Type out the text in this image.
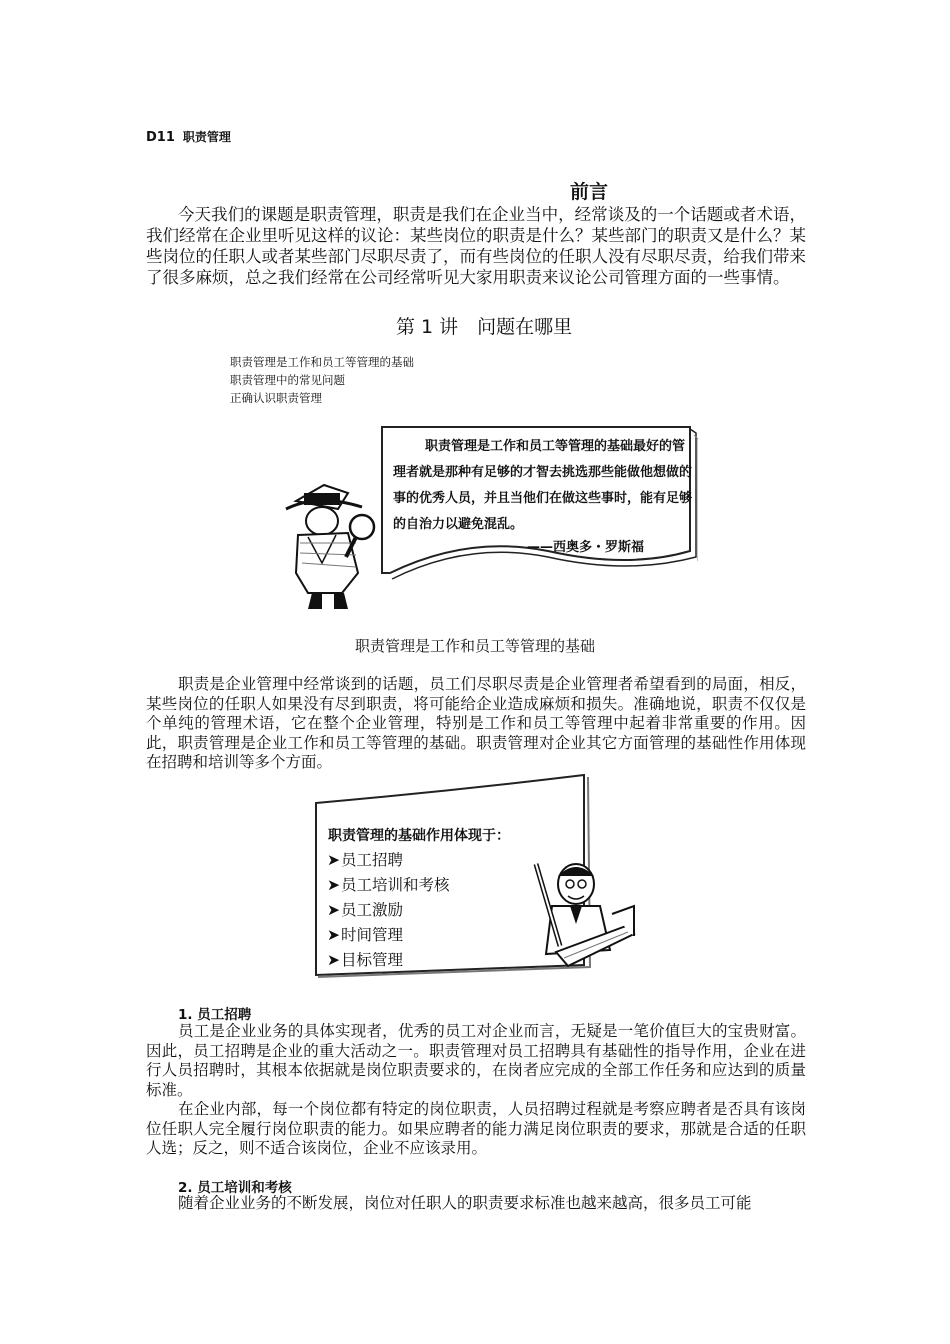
D11 职责管理
前言

今天我们的课题是职责管理，职责是我们在企业当中，经常谈及的一个话题或者术语，我们经常在企业里听见这样的议论：某些岗位的职责是什么？某些部门的职责又是什么？某些岗位的任职人或者某些部门尽职尽责了，而有些岗位的任职人没有尽职尽责，给我们带来了很多麻烦，总之我们经常在公司经常听见大家用职责来议论公司管理方面的一些事情。

第 1 讲　问题在哪里
职责管理是工作和员工等管理的基础
职责管理中的常见问题
正确认识职责管理

职责管理是工作和员工等管理的基础最好的管理者就是那种有足够的才智去挑选那些能做他想做的事的优秀人员，并且当他们在做这些事时，能有足够的自治力以避免混乱。

——西奥多・罗斯福
职责管理是工作和员工等管理的基础

职责是企业管理中经常谈到的话题，员工们尽职尽责是企业管理者希望看到的局面，相反，某些岗位的任职人如果没有尽到职责，将可能给企业造成麻烦和损失。准确地说，职责不仅仅是个单纯的管理术语，它在整个企业管理，特别是工作和员工等管理中起着非常重要的作用。因此，职责管理是企业工作和员工等管理的基础。职责管理对企业其它方面管理的基础性作用体现在招聘和培训等多个方面。

职责管理的基础作用体现于：
➤员工招聘
➤员工培训和考核
➤员工激励
➤时间管理
➤目标管理
1. 员工招聘

员工是企业业务的具体实现者，优秀的员工对企业而言，无疑是一笔价值巨大的宝贵财富。因此，员工招聘是企业的重大活动之一。职责管理对员工招聘具有基础性的指导作用，企业在进行人员招聘时，其根本依据就是岗位职责要求的，在岗者应完成的全部工作任务和应达到的质量标准。

在企业内部，每一个岗位都有特定的岗位职责，人员招聘过程就是考察应聘者是否具有该岗位任职人完全履行岗位职责的能力。如果应聘者的能力满足岗位职责的要求，那就是合适的任职人选；反之，则不适合该岗位，企业不应该录用。

2. 员工培训和考核

随着企业业务的不断发展，岗位对任职人的职责要求标准也越来越高，很多员工可能
